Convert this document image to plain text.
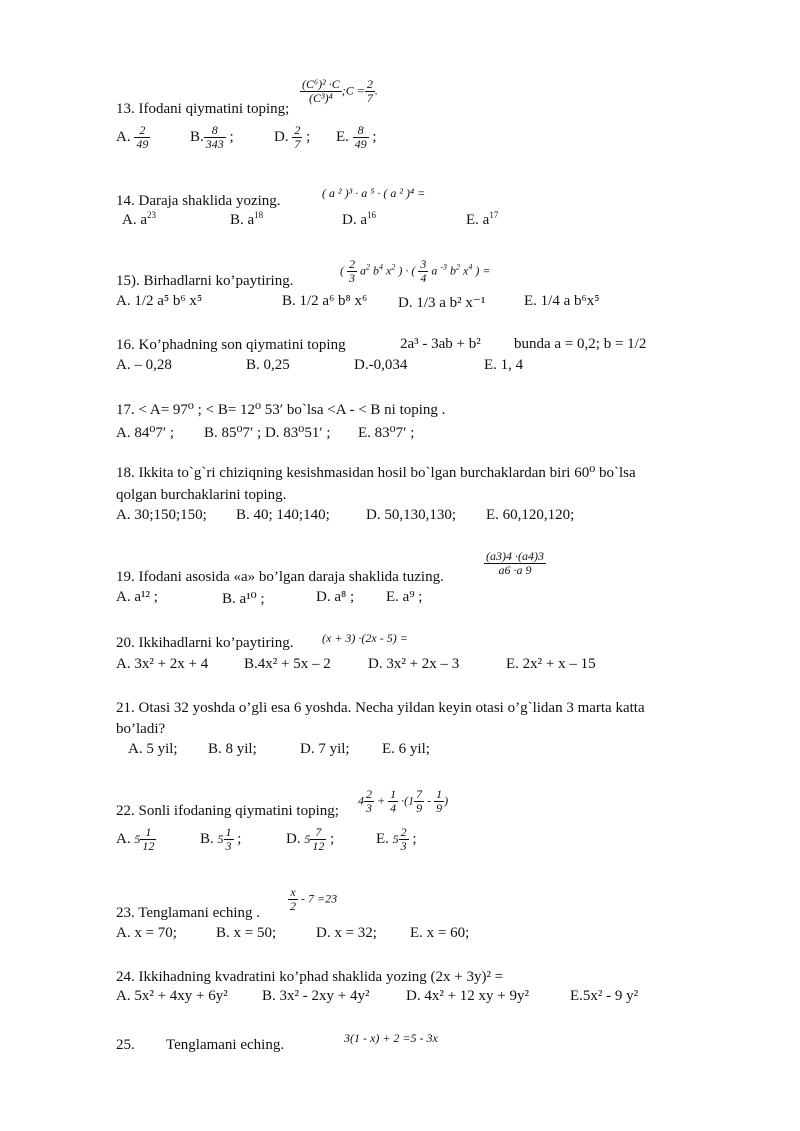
$\frac{\text{(C⁶)² ·C}}{\text{(C³)⁴}}$ ;C = $\frac{2}{7}$ .
13. Ifodani qiymatini toping;
A. $\frac{2}{49}$	B. $\frac{8}{343}$ ;	D. $\frac{2}{7}$ ; E. $\frac{8}{49}$ ;
14. Daraja shaklida yozing.	( a ² )³ · a ⁵ · ( a ² )⁴ =
A. $a^{23}$	B. $a^{18}$	D. $a^{16}$	E. $a^{17}$
( $\frac{2}{3} a^2$ $b^4$ $x^2$ ) · ( $\frac{3}{4}$ a $^{-3}$ $b^2$ $x^4$ ) =
15). Birhadlarni ko’paytiring.
A. 1/2 a⁵ b⁶ x⁵	B. 1/2 a⁶ b⁸ x⁶ D. 1/3 a b² x⁻¹	E. 1/4 a b⁶x⁵
16. Ko’phadning son qiymatini toping	2a³ - 3ab + b² bunda a = 0,2; b = 1/2
A. – 0,28	B. 0,25	D.-0,034	E. 1, 4
17. < A= 97⁰ ; < B= 12⁰ 53′ bo`lsa <A - < B ni toping .
A. 84⁰7′ ; B. 85⁰7′ ; D. 83⁰51′ ; E. 83⁰7′ ;
18. Ikkita to`g`ri chiziqning kesishmasidan hosil bo`lgan burchaklardan biri 60⁰ bo`lsa
qolgan burchaklarini toping.
A. 30;150;150; B. 40; 140;140; D. 50,130,130; E. 60,120,120;
$\frac{(a3)4 \cdot(a4)3}{a6 \cdot a 9}$
19. Ifodani asosida «a» bo’lgan daraja shaklida tuzing.
A. a¹² ;	B. a¹⁰ ;	D. a⁸ ; E. a⁹ ;
20. Ikkihadlarni ko’paytiring. (x + 3) ·(2x - 5) =
A. 3x² + 2x + 4 B.4x² + 5x – 2 D. 3x² + 2x – 3	E. 2x² + x – 15
21. Otasi 32 yoshda o’gli esa 6 yoshda. Necha yildan keyin otasi o’g`lidan 3 marta katta
bo’ladi?
A. 5 yil; B. 8 yil;	D. 7 yil; E. 6 yil;
$4 \frac{2}{3} + \frac{1}{4} \cdot(1 \frac{7}{9} - \frac{1}{9}$ )
22. Sonli ifodaning qiymatini toping;
A. $5 \frac{1}{12}$	B. $5 \frac{1}{3}$ ;	D. $5 \frac{7}{12}$ ;	E. $5 \frac{2}{3}$ ;
$\frac{x}{2} - 7 =23$
23. Tenglamani eching .
A. x = 70;	B. x = 50;	D. x = 32; E. x = 60;
24. Ikkihadning kvadratini ko’phad shaklida yozing (2x + 3y)² =
A. 5x² + 4xy + 6y² B. 3x² - 2xy + 4y² D. 4x² + 12 xy + 9y²	E.5x² - 9 y²
25. Tenglamani eching.	3(1 - x) + 2 =5 - 3x
